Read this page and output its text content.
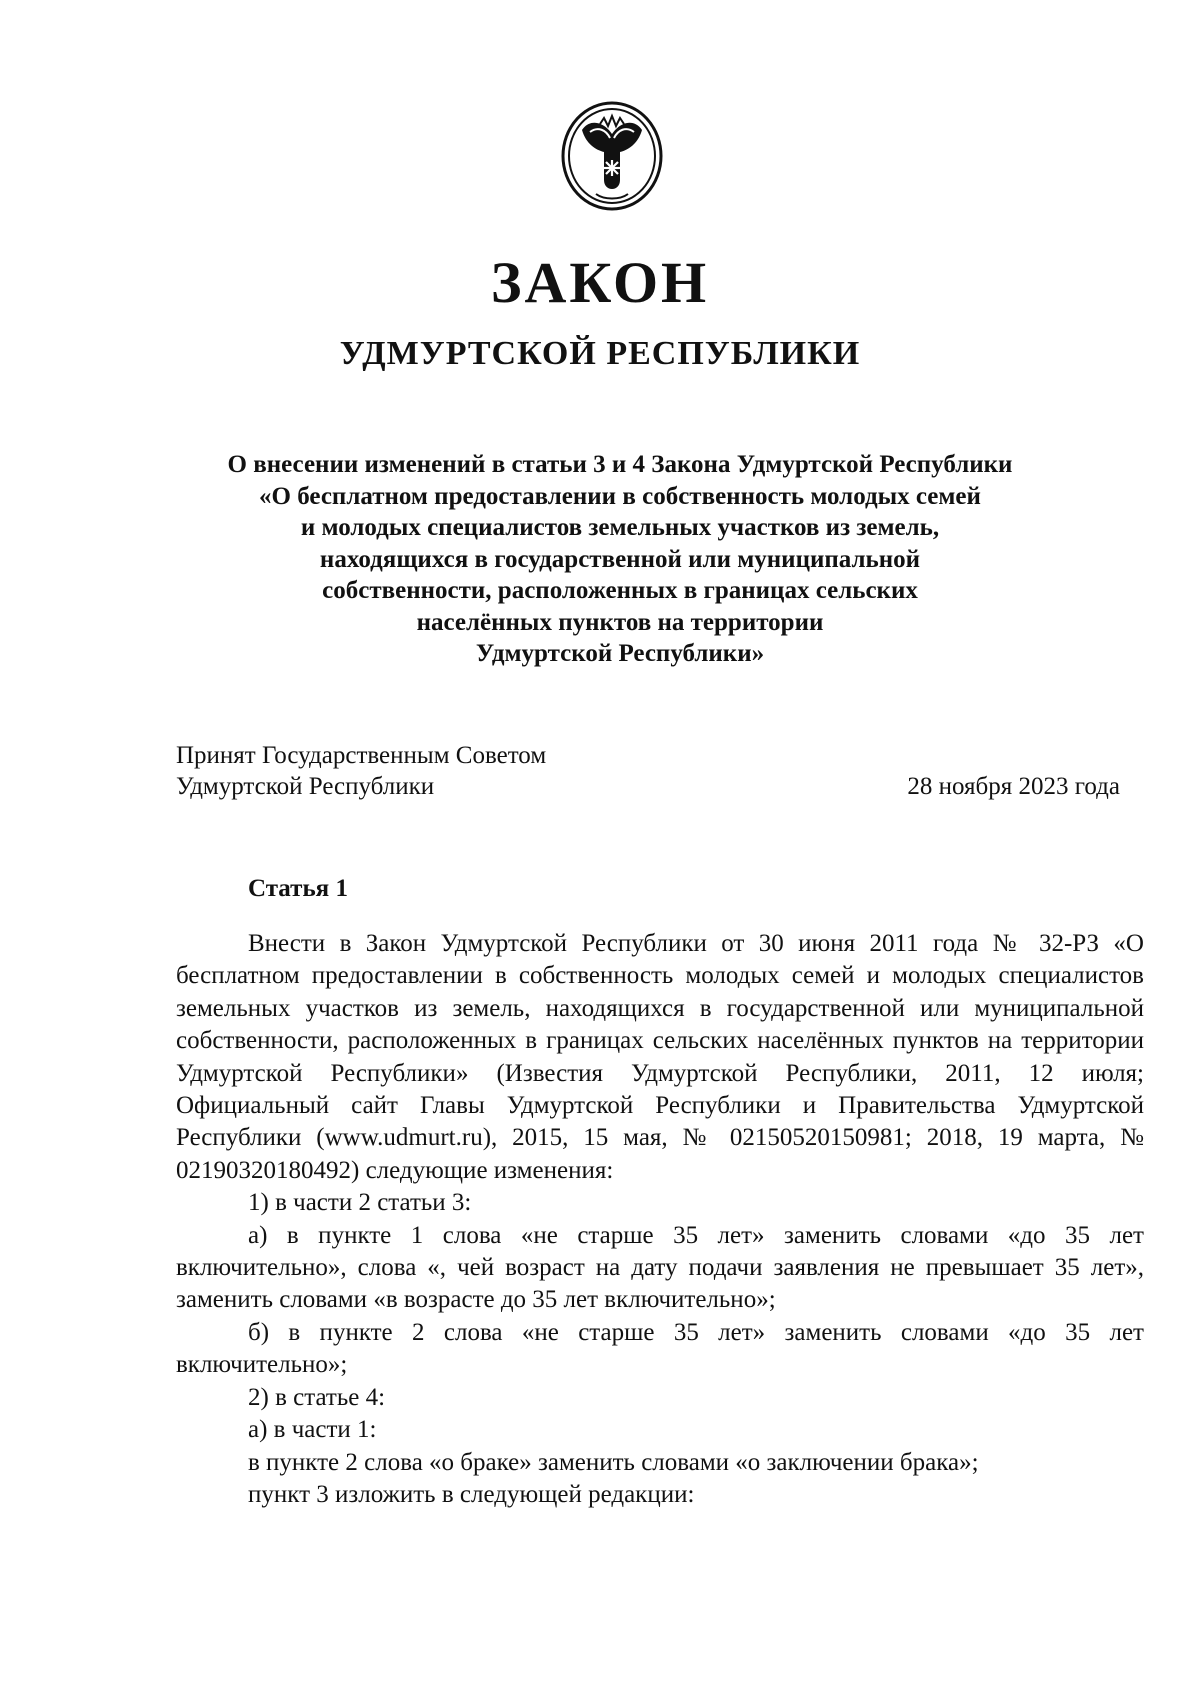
ЗАКОН
УДМУРТСКОЙ РЕСПУБЛИКИ
О внесении изменений в статьи 3 и 4 Закона Удмуртской Республики
«О бесплатном предоставлении в собственность молодых семей
и молодых специалистов земельных участков из земель,
находящихся в государственной или муниципальной
собственности, расположенных в границах сельских
населённых пунктов на территории
Удмуртской Республики»
Принят Государственным Советом
Удмуртской Республики	28 ноября 2023 года
Статья 1

Внести в Закон Удмуртской Республики от 30 июня 2011 года № 32-РЗ «О бесплатном предоставлении в собственность молодых семей и молодых специалистов земельных участков из земель, находящихся в государственной или муниципальной собственности, расположенных в границах сельских населённых пунктов на территории Удмуртской Республики» (Известия Удмуртской Республики, 2011, 12 июля; Официальный сайт Главы Удмуртской Республики и Правительства Удмуртской Республики (www.udmurt.ru), 2015, 15 мая, № 02150520150981; 2018, 19 марта, № 02190320180492) следующие изменения:

1) в части 2 статьи 3:

а) в пункте 1 слова «не старше 35 лет» заменить словами «до 35 лет включительно», слова «, чей возраст на дату подачи заявления не превышает 35 лет», заменить словами «в возрасте до 35 лет включительно»;

б) в пункте 2 слова «не старше 35 лет» заменить словами «до 35 лет включительно»;

2) в статье 4:

а) в части 1:

в пункте 2 слова «о браке» заменить словами «о заключении брака»;

пункт 3 изложить в следующей редакции:
